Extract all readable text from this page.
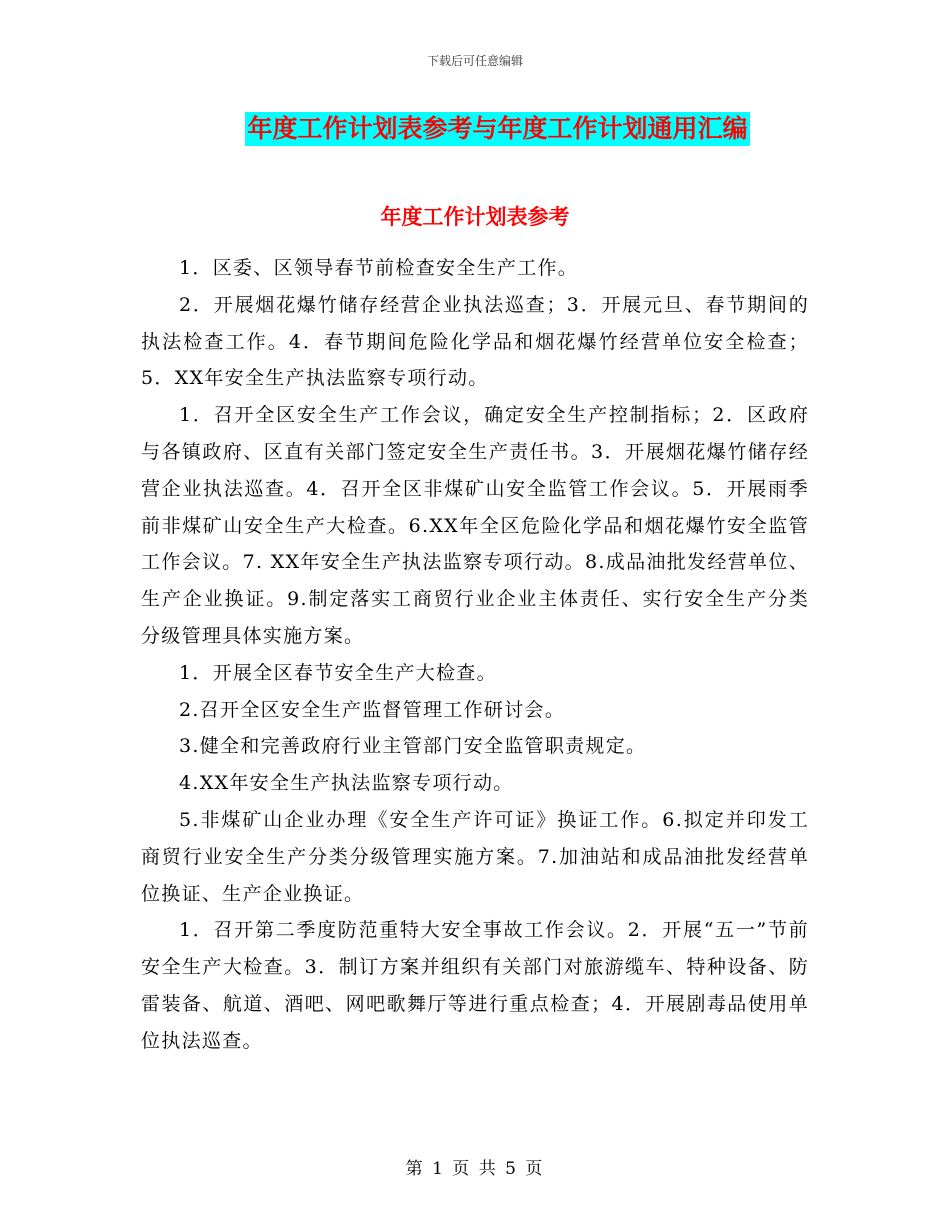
下载后可任意编辑
年度工作计划表参考与年度工作计划通用汇编
年度工作计划表参考

1．区委、区领导春节前检查安全生产工作。

2．开展烟花爆竹储存经营企业执法巡查；3．开展元旦、春节期间的执法检查工作。4．春节期间危险化学品和烟花爆竹经营单位安全检查；5．XX年安全生产执法监察专项行动。

1．召开全区安全生产工作会议，确定安全生产控制指标；2．区政府与各镇政府、区直有关部门签定安全生产责任书。3．开展烟花爆竹储存经营企业执法巡查。4．召开全区非煤矿山安全监管工作会议。5．开展雨季前非煤矿山安全生产大检查。6.XX年全区危险化学品和烟花爆竹安全监管工作会议。7. XX年安全生产执法监察专项行动。8.成品油批发经营单位、生产企业换证。9.制定落实工商贸行业企业主体责任、实行安全生产分类分级管理具体实施方案。

1．开展全区春节安全生产大检查。

2.召开全区安全生产监督管理工作研讨会。

3.健全和完善政府行业主管部门安全监管职责规定。

4.XX年安全生产执法监察专项行动。

5.非煤矿山企业办理《安全生产许可证》换证工作。6.拟定并印发工商贸行业安全生产分类分级管理实施方案。7.加油站和成品油批发经营单位换证、生产企业换证。

1．召开第二季度防范重特大安全事故工作会议。2．开展“五一”节前安全生产大检查。3．制订方案并组织有关部门对旅游缆车、特种设备、防雷装备、航道、酒吧、网吧歌舞厅等进行重点检查；4．开展剧毒品使用单位执法巡查。

第 1 页 共 5 页
